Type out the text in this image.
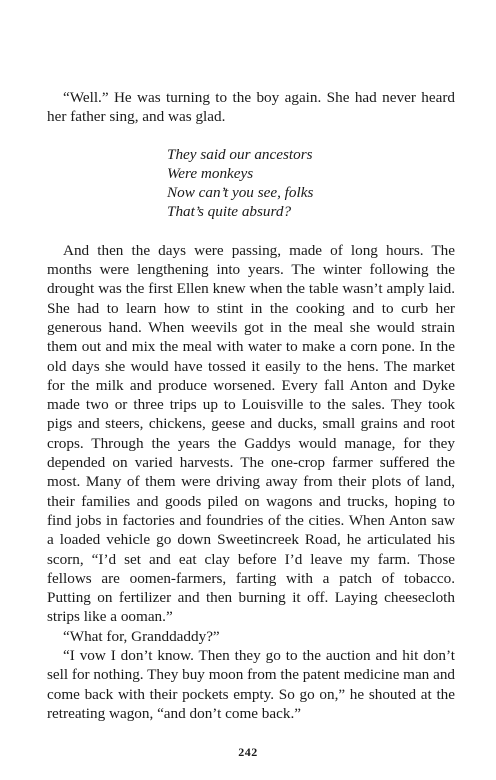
“Well.” He was turning to the boy again. She had never heard her father sing, and was glad.

They said our ancestors
Were monkeys
Now can’t you see, folks
That’s quite absurd?

And then the days were passing, made of long hours. The months were lengthening into years. The winter following the drought was the first Ellen knew when the table wasn’t amply laid. She had to learn how to stint in the cooking and to curb her generous hand. When weevils got in the meal she would strain them out and mix the meal with water to make a corn pone. In the old days she would have tossed it easily to the hens. The market for the milk and produce worsened. Every fall Anton and Dyke made two or three trips up to Louisville to the sales. They took pigs and steers, chickens, geese and ducks, small grains and root crops. Through the years the Gaddys would manage, for they depended on varied harvests. The one-crop farmer suffered the most. Many of them were driving away from their plots of land, their families and goods piled on wagons and trucks, hoping to find jobs in factories and foundries of the cities. When Anton saw a loaded vehicle go down Sweetincreek Road, he articulated his scorn, “I’d set and eat clay before I’d leave my farm. Those fellows are oomen-farmers, farting with a patch of tobacco. Putting on fertilizer and then burning it off. Laying cheesecloth strips like a ooman.”

“What for, Granddaddy?”

“I vow I don’t know. Then they go to the auction and hit don’t sell for nothing. They buy moon from the patent medicine man and come back with their pockets empty. So go on,” he shouted at the retreating wagon, “and don’t come back.”

242
